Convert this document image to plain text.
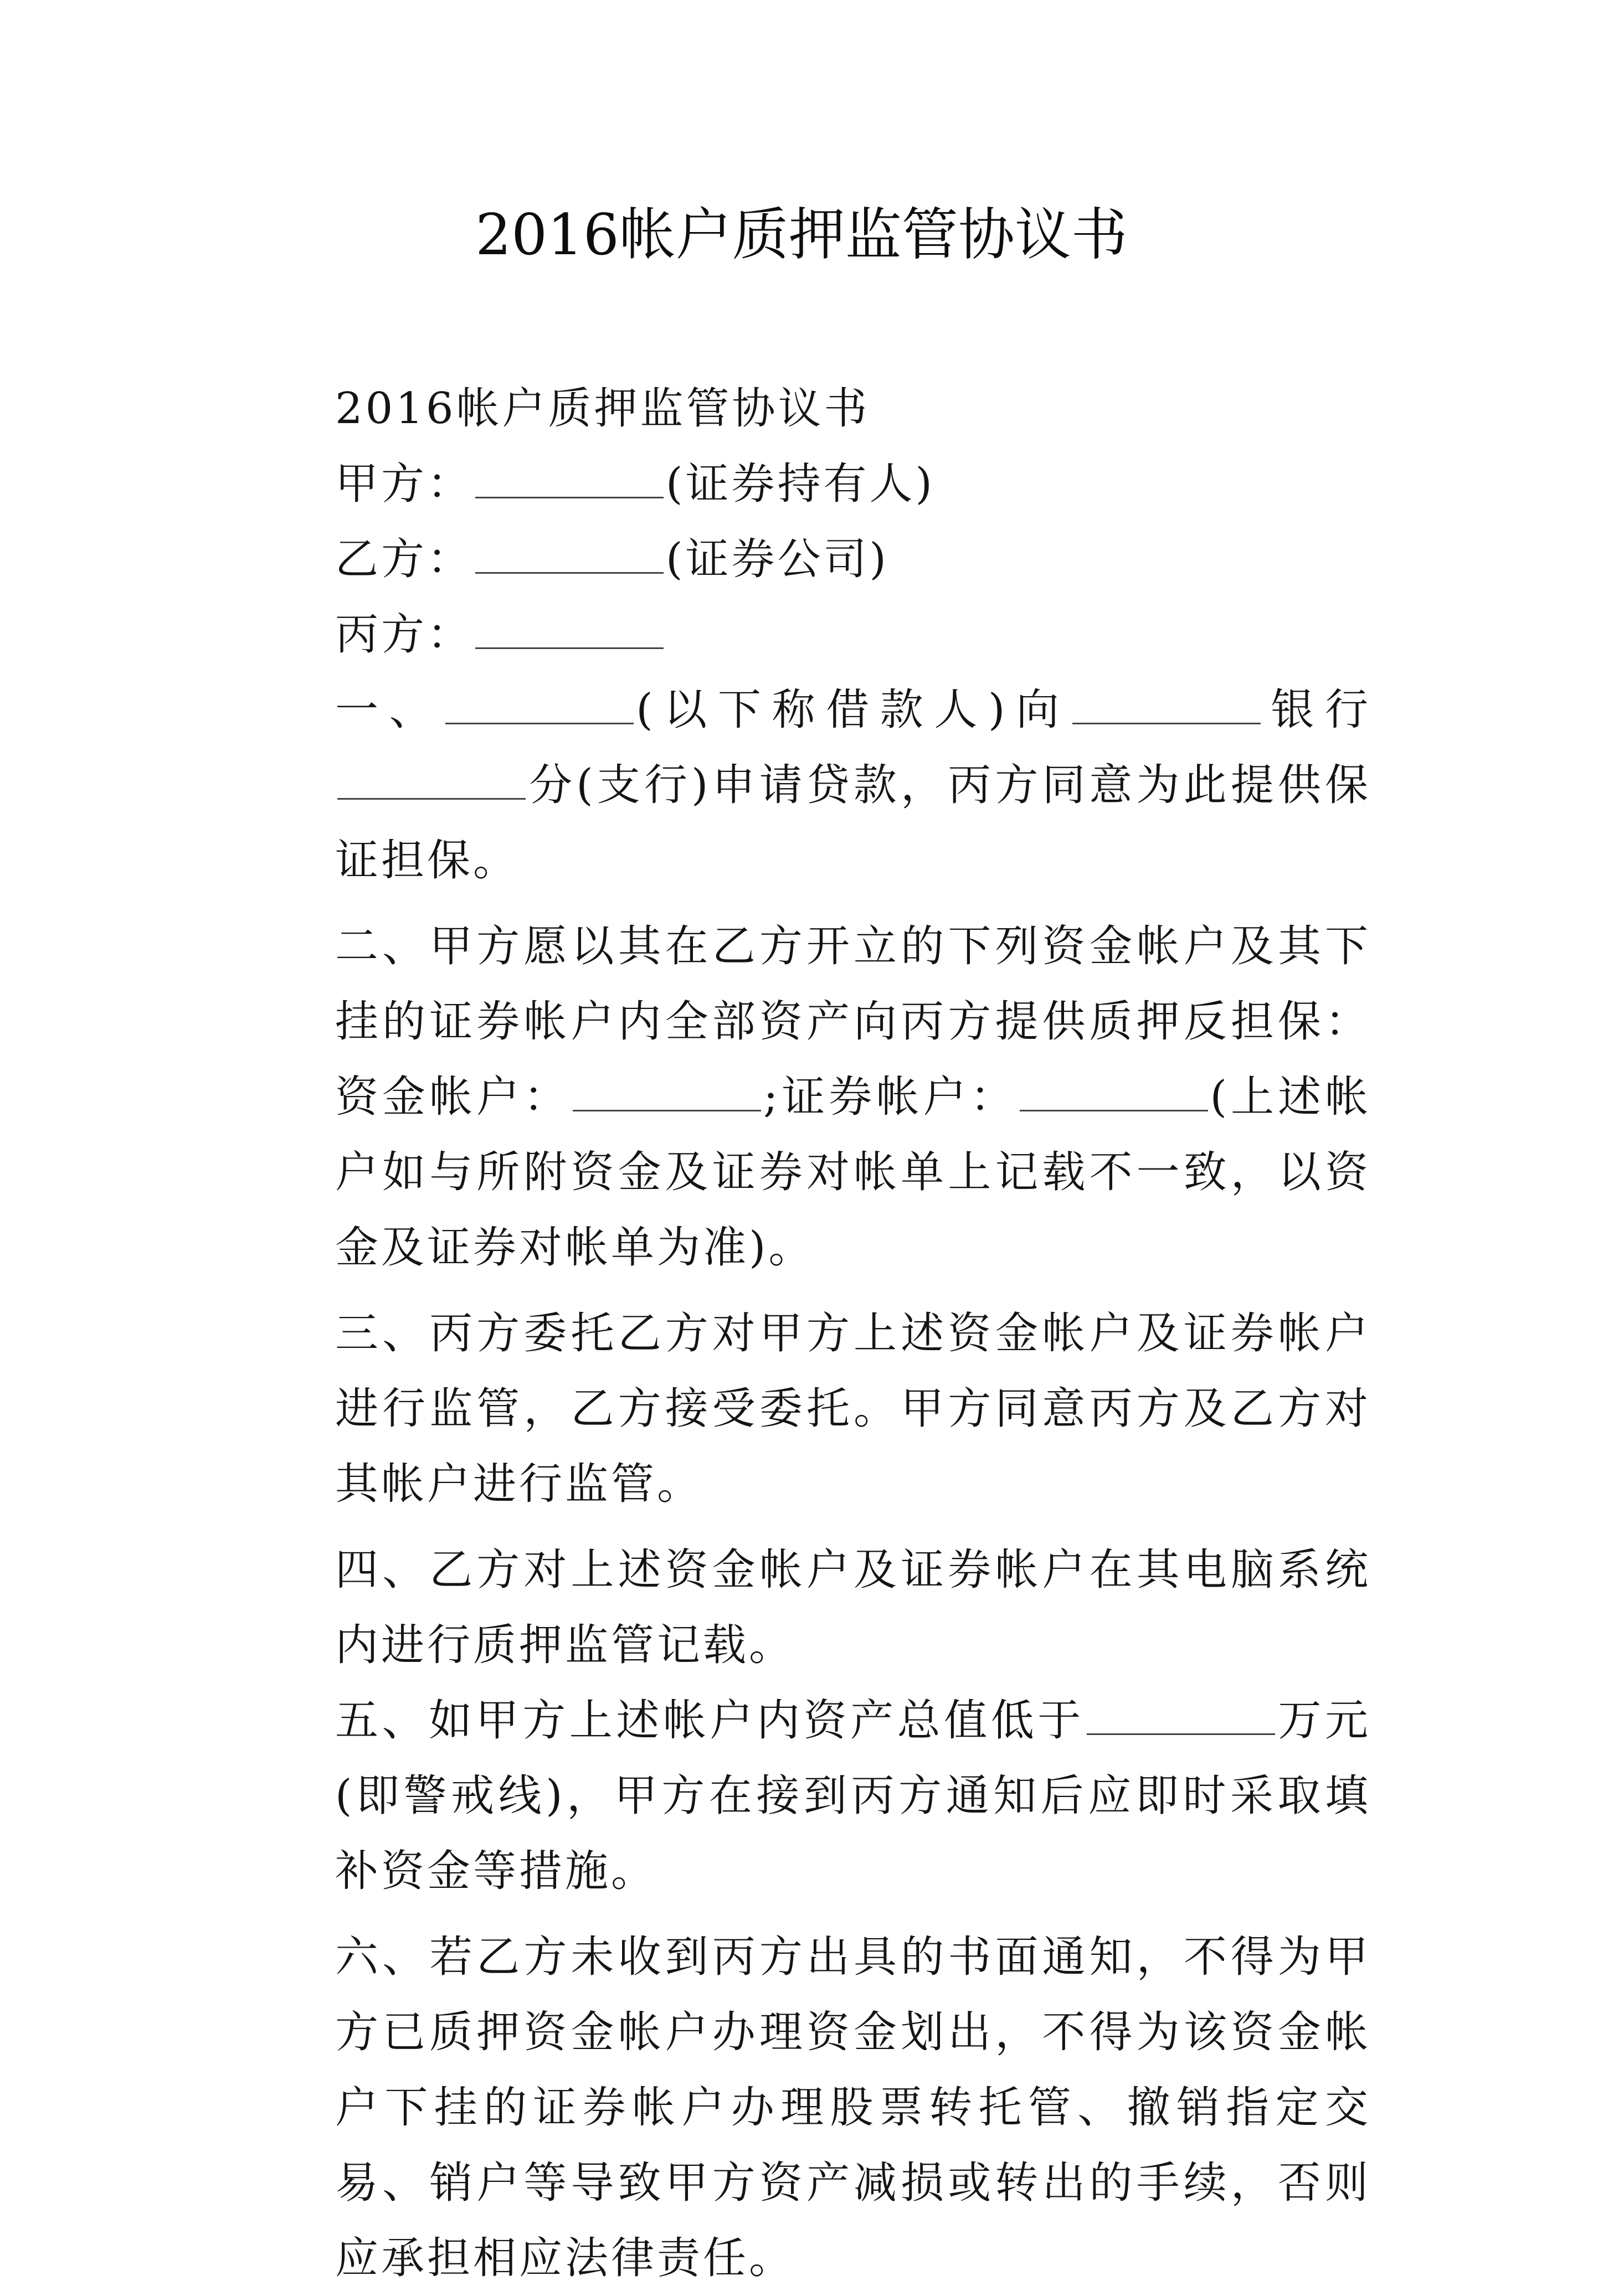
2016帐户质押监管协议书

2016帐户质押监管协议书

甲方：	(证券持有人)

乙方：	(证券公司)

丙方：

一、	(以下称借款人)向	银行分(支行)申请贷款，丙方同意为此提供保证担保。

二、甲方愿以其在乙方开立的下列资金帐户及其下挂的证券帐户内全部资产向丙方提供质押反担保：资金帐户：	;证券帐户：	(上述帐户如与所附资金及证券对帐单上记载不一致，以资金及证券对帐单为准)。

三、丙方委托乙方对甲方上述资金帐户及证券帐户进行监管，乙方接受委托。甲方同意丙方及乙方对其帐户进行监管。

四、乙方对上述资金帐户及证券帐户在其电脑系统内进行质押监管记载。

五、如甲方上述帐户内资产总值低于	万元(即警戒线)，甲方在接到丙方通知后应即时采取填补资金等措施。

六、若乙方未收到丙方出具的书面通知，不得为甲方已质押资金帐户办理资金划出，不得为该资金帐户下挂的证券帐户办理股票转托管、撤销指定交易、销户等导致甲方资产减损或转出的手续，否则应承担相应法律责任。
